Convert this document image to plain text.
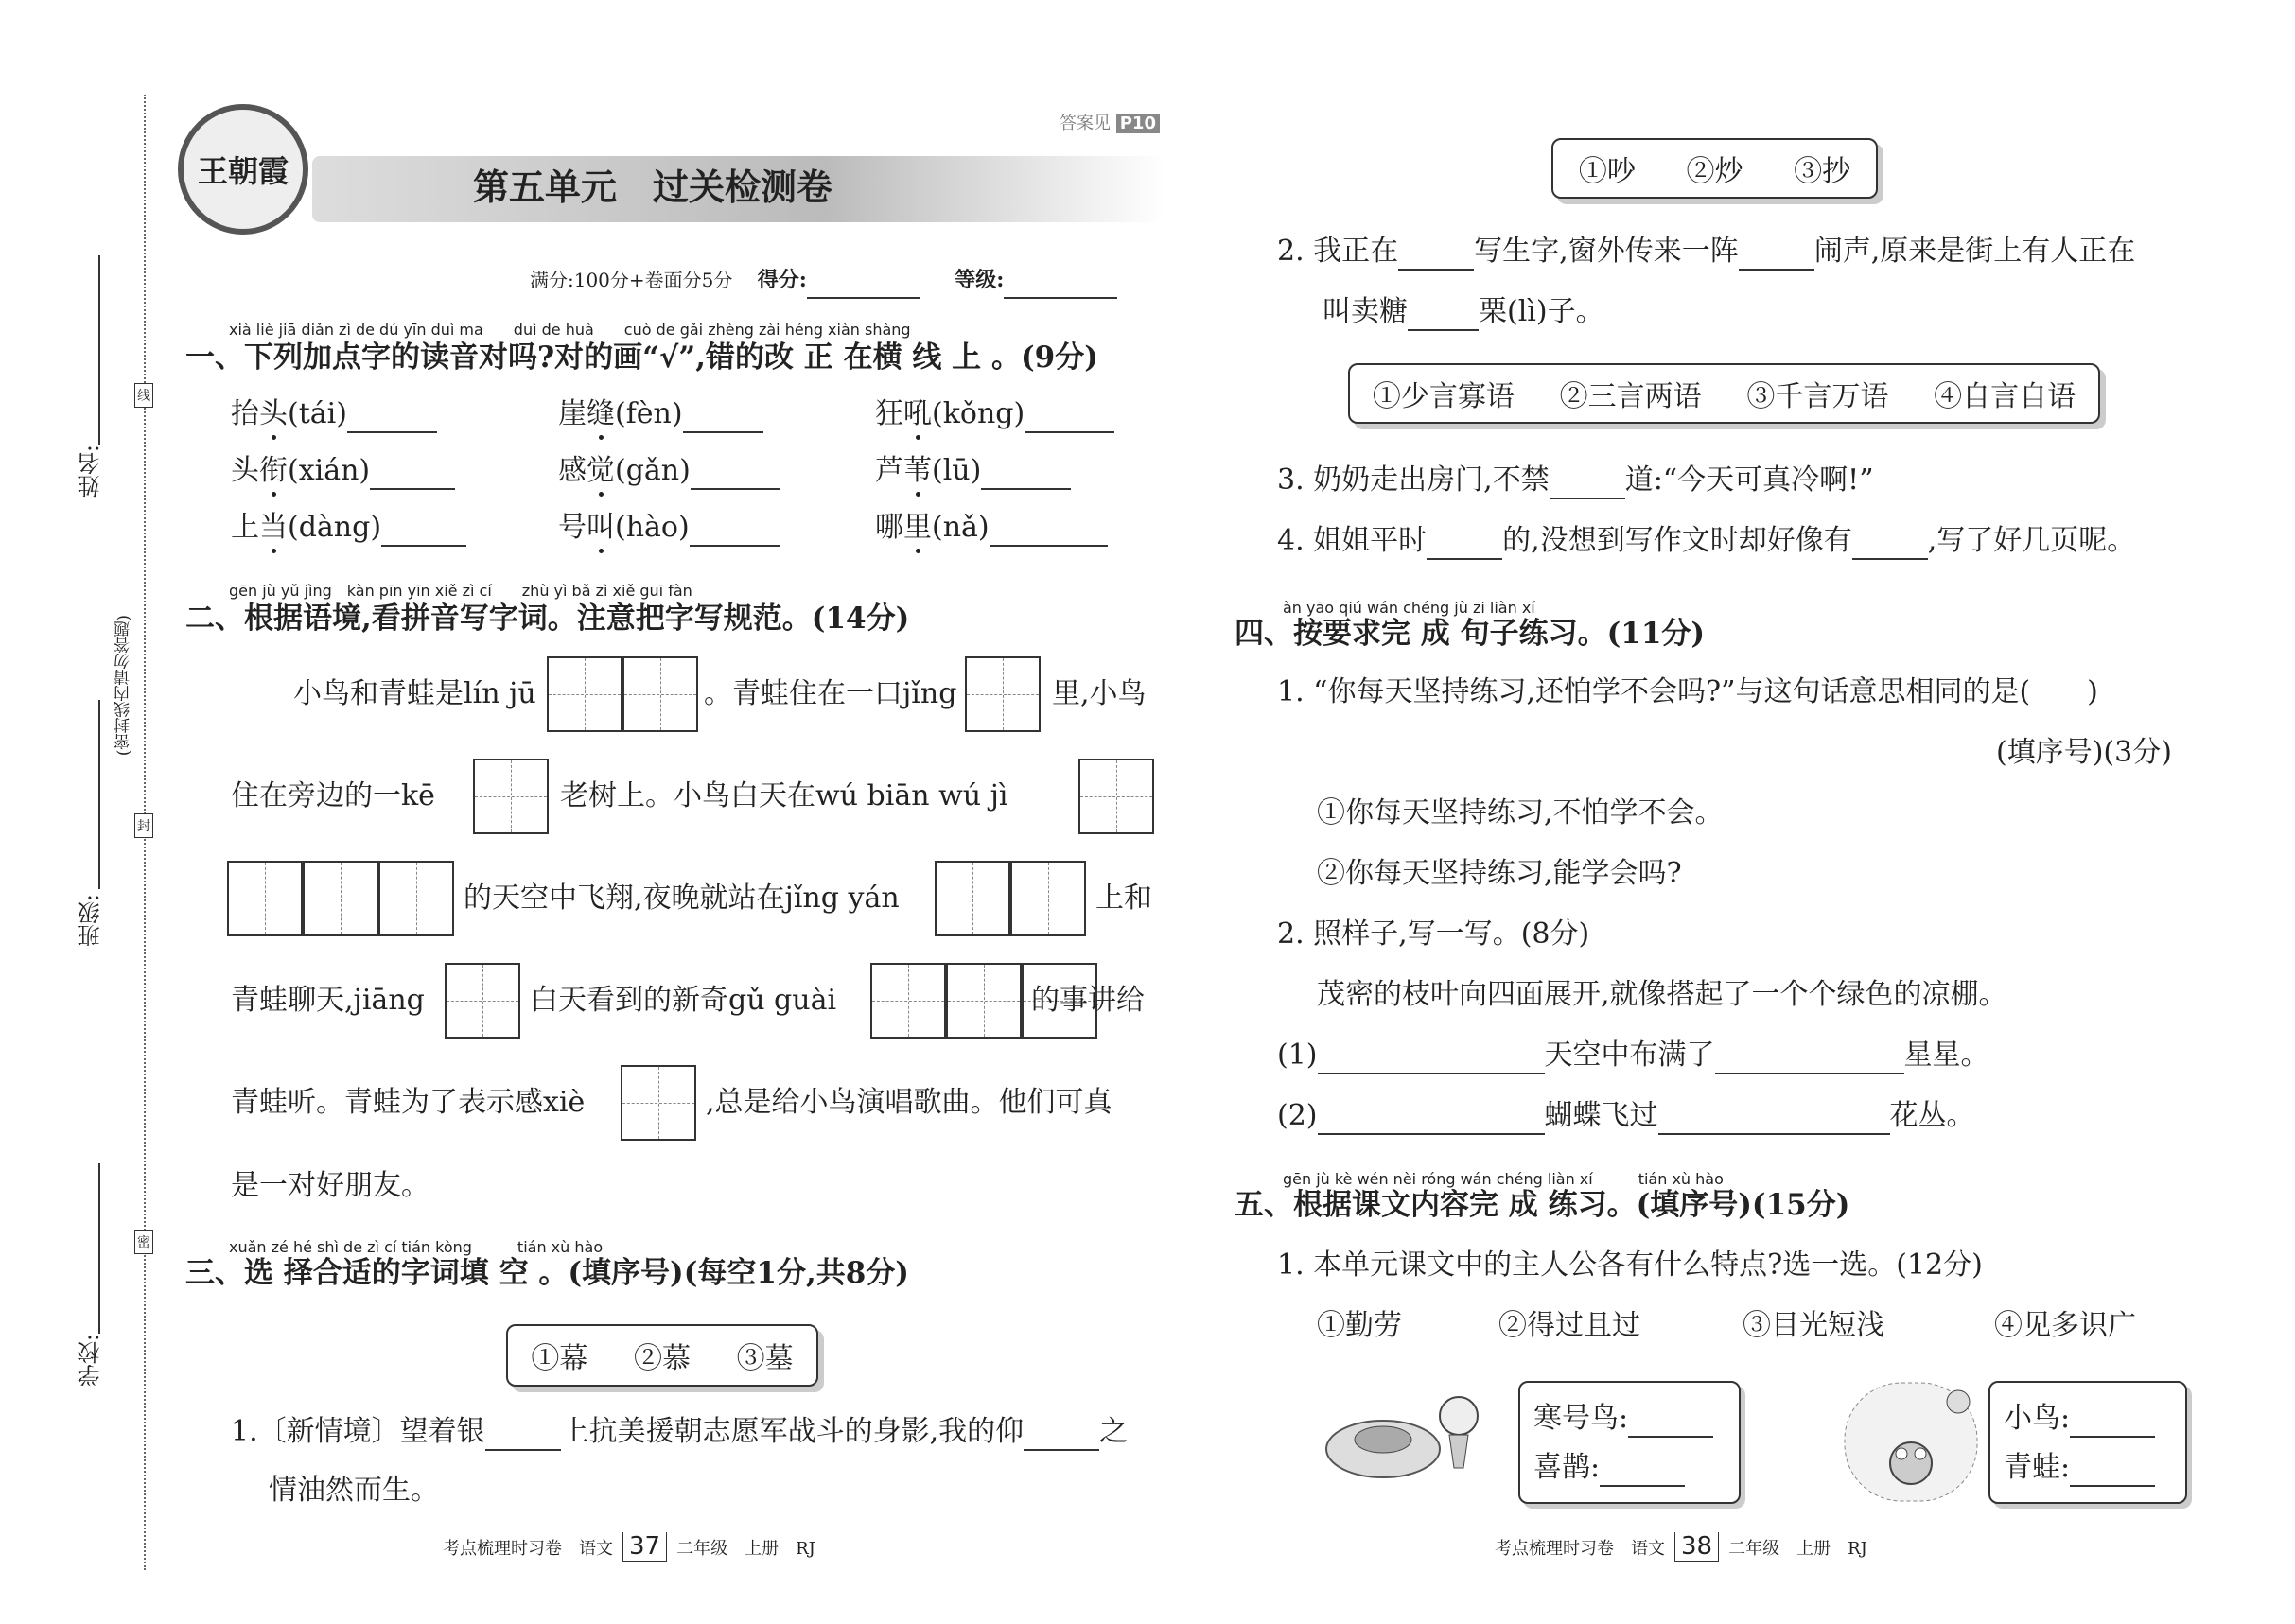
姓名:
班级:
学校:
(密封线内请勿答题)
线
封
密
王朝霞	第五单元　过关检测卷
答案见 P10
满分:100分+卷面分5分 得分:	等级:
xià liè jiā diǎn zì de dú yīn duì ma　　duì de huà　　cuò de gǎi zhèng zài héng xiàn shàng
一、下列加点字的读音对吗?对的画“√”,错的改 正 在横 线 上 。(9分)
抬头(tái)	崖缝(fèn)	狂吼(kǒng)
头衔(xián)	感觉(gǎn)	芦苇(lū)
上当(dàng)	号叫(hào)	哪里(nǎ)
gēn jù yǔ jìng　kàn pīn yīn xiě zì cí　　zhù yì bǎ zì xiě guī fàn
二、根据语境,看拼音写字词。注意把字写规范。(14分)
小鸟和青蛙是lín jū	。青蛙住在一口jǐng	里,小鸟
住在旁边的一kē	老树上。小鸟白天在wú biān wú jì
的天空中飞翔,夜晚就站在jǐng yán	上和
青蛙聊天,jiāng	白天看到的新奇gǔ guài	的事讲给
青蛙听。青蛙为了表示感xiè	,总是给小鸟演唱歌曲。他们可真
是一对好朋友。
xuǎn zé hé shì de zì cí tián kòng　　　tián xù hào
三、选 择合适的字词填 空 。(填序号)(每空1分,共8分)
①幕 ②慕 ③墓
1.〔新情境〕望着银	上抗美援朝志愿军战斗的身影,我的仰	之
情油然而生。
①吵 ②炒 ③抄
2. 我正在	写生字,窗外传来一阵	闹声,原来是街上有人正在
叫卖糖	栗(lì)子。
①少言寡语 ②三言两语 ③千言万语 ④自言自语
3. 奶奶走出房门,不禁	道:“今天可真冷啊!”
4. 姐姐平时	的,没想到写作文时却好像有	,写了好几页呢。
àn yāo qiú wán chéng jù zi liàn xí
四、按要求完 成 句子练习。(11分)
1. “你每天坚持练习,还怕学不会吗?”与这句话意思相同的是(　　)
(填序号)(3分)
①你每天坚持练习,不怕学不会。
②你每天坚持练习,能学会吗?
2. 照样子,写一写。(8分)
茂密的枝叶向四面展开,就像搭起了一个个绿色的凉棚。
(1)	天空中布满了	星星。
(2)	蝴蝶飞过	花丛。
gēn jù kè wén nèi róng wán chéng liàn xí　　　tián xù hào
五、根据课文内容完 成 练习。(填序号)(15分)
1. 本单元课文中的主人公各有什么特点?选一选。(12分)
①勤劳	②得过且过	③目光短浅	④见多识广
寒号鸟:
喜鹊:
小鸟:
青蛙:
考点梳理时习卷　语文 37 二年级　上册　RJ	考点梳理时习卷　语文 38 二年级　上册　RJ
